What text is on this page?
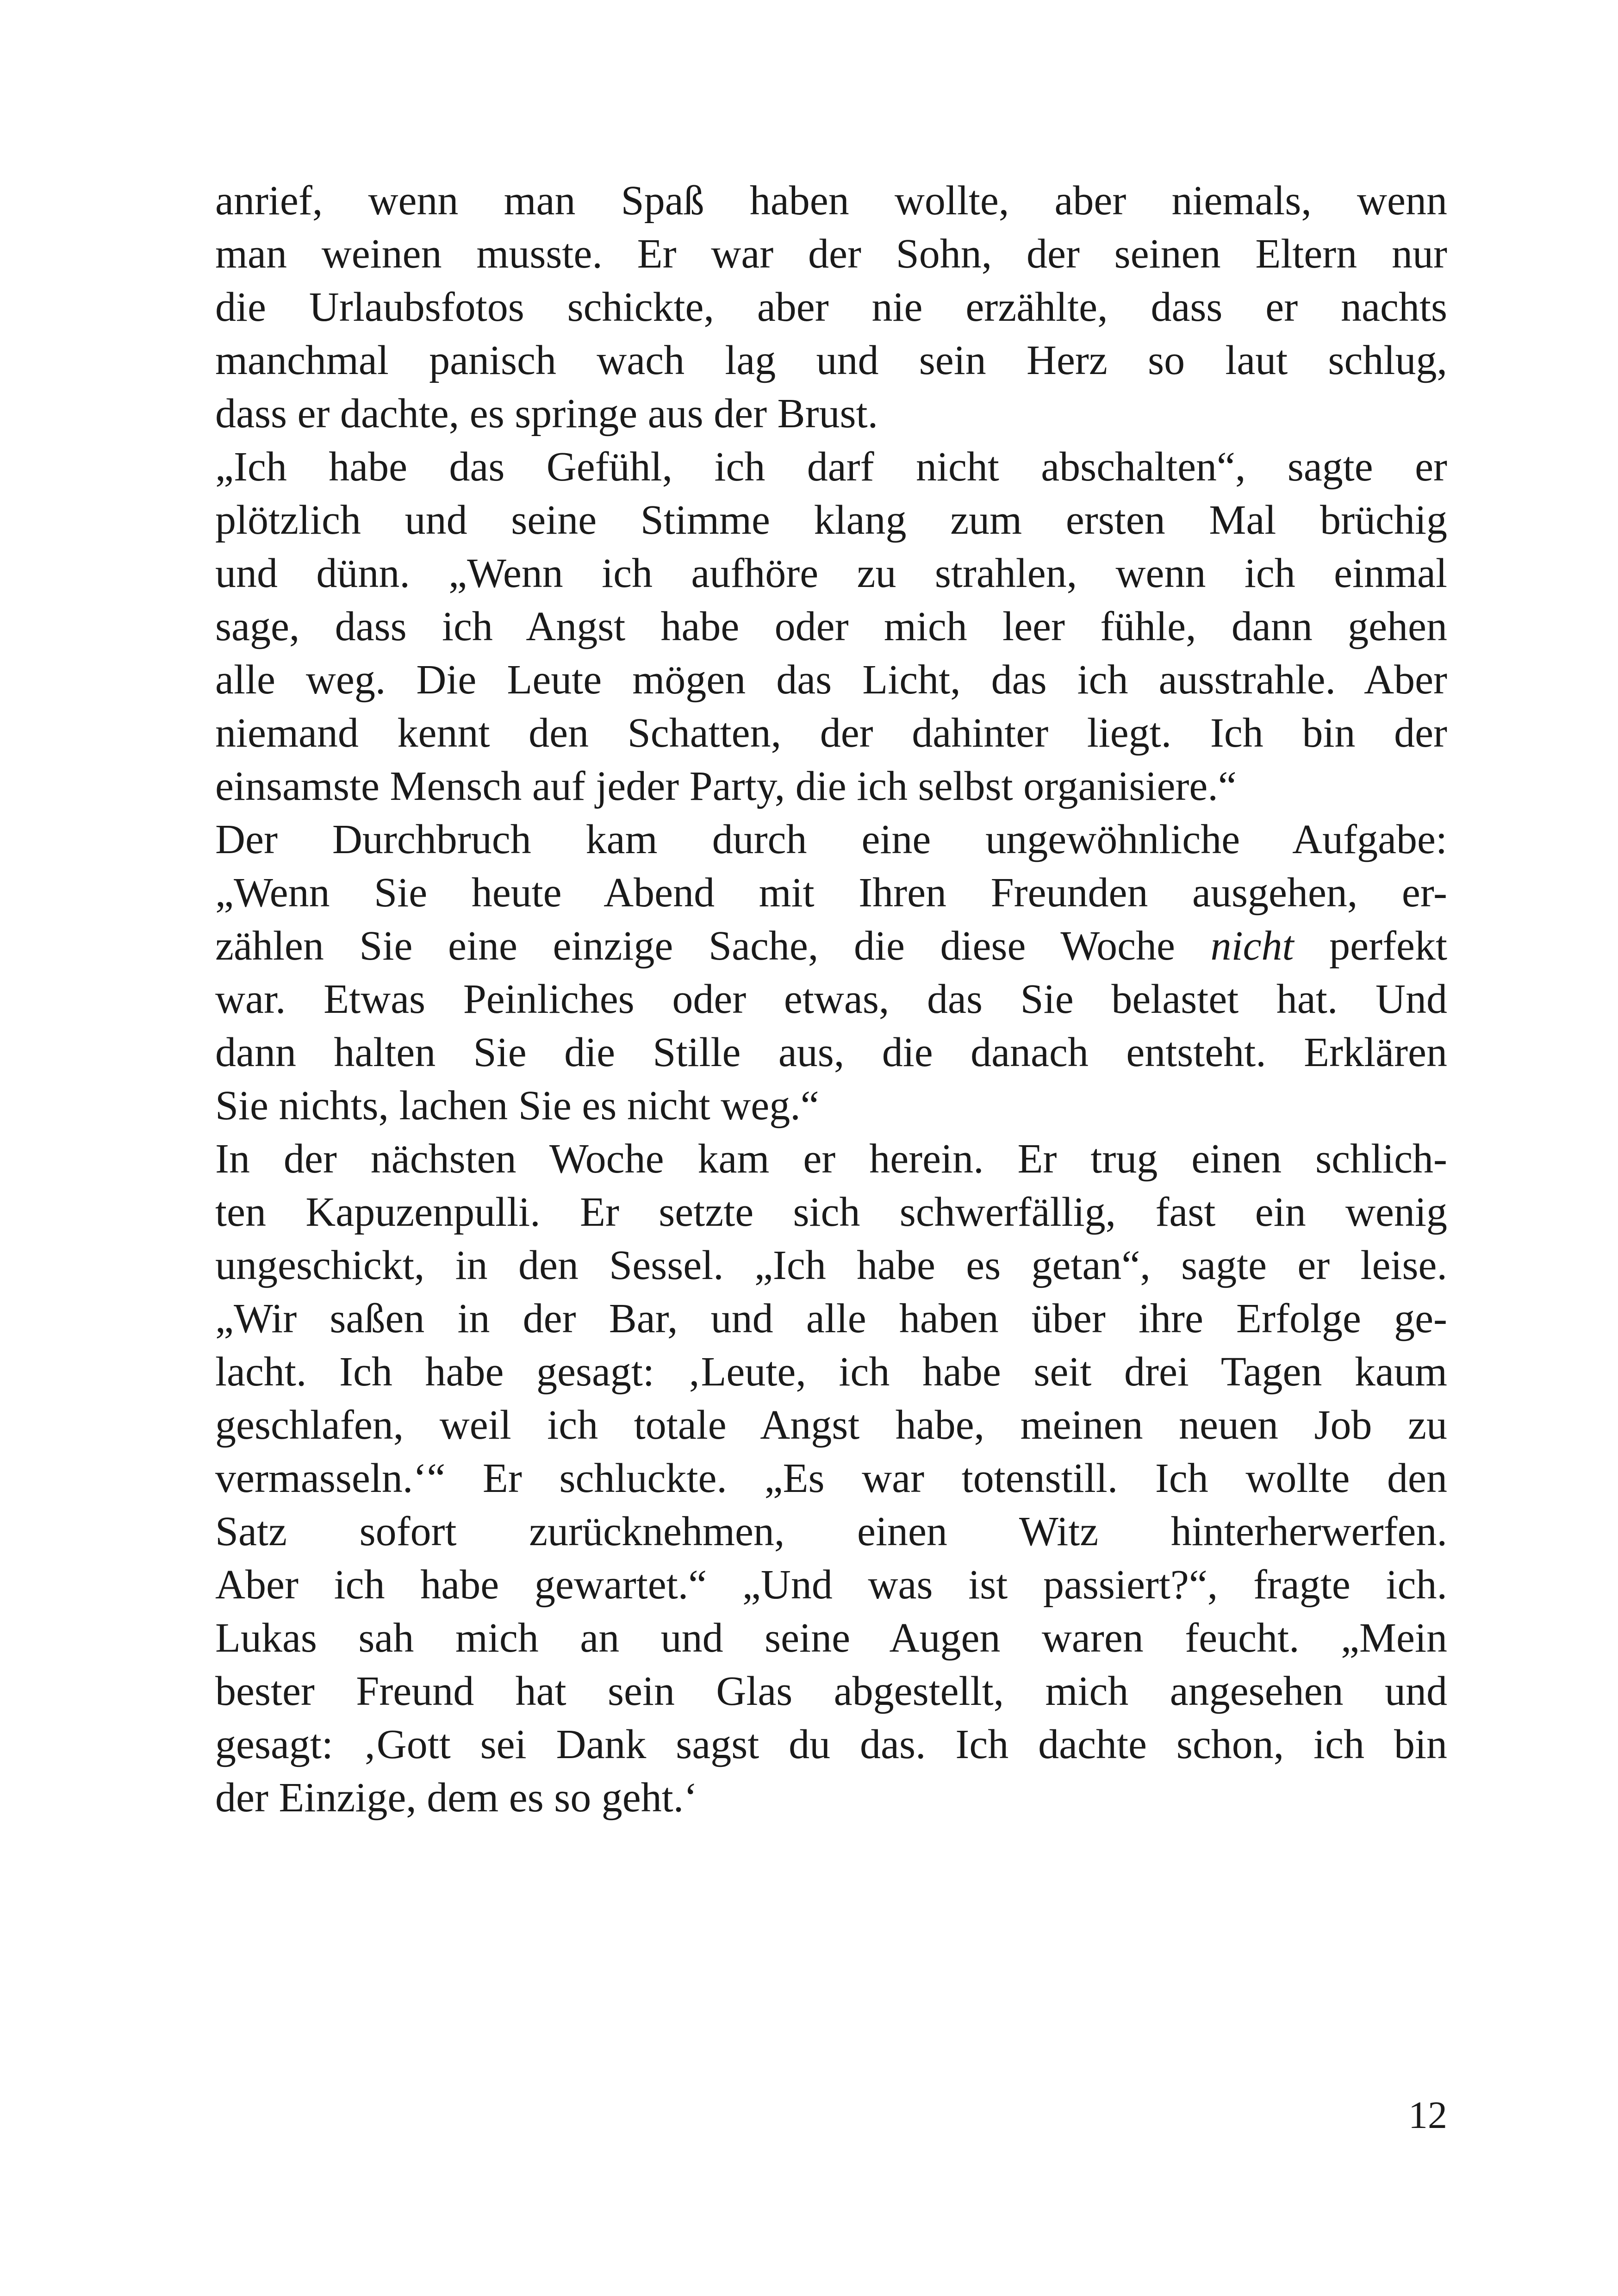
anrief, wenn man Spaß haben wollte, aber niemals, wenn
man weinen musste. Er war der Sohn, der seinen Eltern nur
die Urlaubsfotos schickte, aber nie erzählte, dass er nachts
manchmal panisch wach lag und sein Herz so laut schlug,
dass er dachte, es springe aus der Brust.
„Ich habe das Gefühl, ich darf nicht abschalten“, sagte er
plötzlich und seine Stimme klang zum ersten Mal brüchig
und dünn. „Wenn ich aufhöre zu strahlen, wenn ich einmal
sage, dass ich Angst habe oder mich leer fühle, dann gehen
alle weg. Die Leute mögen das Licht, das ich ausstrahle. Aber
niemand kennt den Schatten, der dahinter liegt. Ich bin der
einsamste Mensch auf jeder Party, die ich selbst organisiere.“
Der Durchbruch kam durch eine ungewöhnliche Aufgabe:
„Wenn Sie heute Abend mit Ihren Freunden ausgehen, er-
zählen Sie eine einzige Sache, die diese Woche nicht perfekt
war. Etwas Peinliches oder etwas, das Sie belastet hat. Und
dann halten Sie die Stille aus, die danach entsteht. Erklären
Sie nichts, lachen Sie es nicht weg.“
In der nächsten Woche kam er herein. Er trug einen schlich-
ten Kapuzenpulli. Er setzte sich schwerfällig, fast ein wenig
ungeschickt, in den Sessel. „Ich habe es getan“, sagte er leise.
„Wir saßen in der Bar, und alle haben über ihre Erfolge ge-
lacht. Ich habe gesagt: ‚Leute, ich habe seit drei Tagen kaum
geschlafen, weil ich totale Angst habe, meinen neuen Job zu
vermasseln.‘“ Er schluckte. „Es war totenstill. Ich wollte den
Satz sofort zurücknehmen, einen Witz hinterherwerfen.
Aber ich habe gewartet.“ „Und was ist passiert?“, fragte ich.
Lukas sah mich an und seine Augen waren feucht. „Mein
bester Freund hat sein Glas abgestellt, mich angesehen und
gesagt: ‚Gott sei Dank sagst du das. Ich dachte schon, ich bin
der Einzige, dem es so geht.‘
12
